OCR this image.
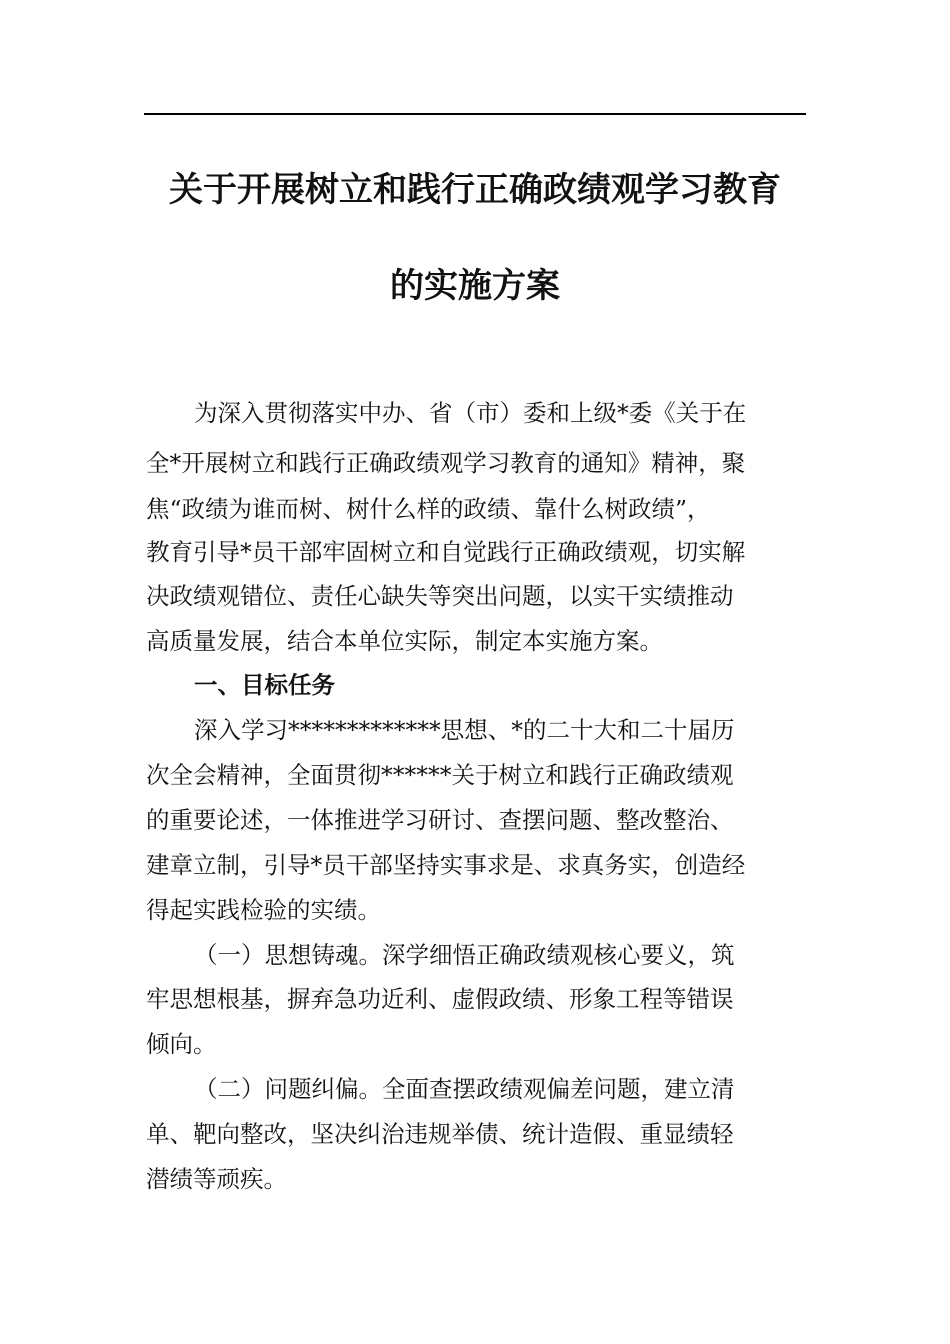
关于开展树立和践行正确政绩观学习教育
的实施方案
为深入贯彻落实中办、省（市）委和上级*委《关于在
全*开展树立和践行正确政绩观学习教育的通知》精神，聚
焦“政绩为谁而树、树什么样的政绩、靠什么树政绩”，
教育引导*员干部牢固树立和自觉践行正确政绩观，切实解
决政绩观错位、责任心缺失等突出问题，以实干实绩推动
高质量发展，结合本单位实际，制定本实施方案。
一、目标任务
深入学习*************思想、*的二十大和二十届历
次全会精神，全面贯彻******关于树立和践行正确政绩观
的重要论述，一体推进学习研讨、查摆问题、整改整治、
建章立制，引导*员干部坚持实事求是、求真务实，创造经
得起实践检验的实绩。
（一）思想铸魂。深学细悟正确政绩观核心要义，筑
牢思想根基，摒弃急功近利、虚假政绩、形象工程等错误
倾向。
（二）问题纠偏。全面查摆政绩观偏差问题，建立清
单、靶向整改，坚决纠治违规举债、统计造假、重显绩轻
潜绩等顽疾。
